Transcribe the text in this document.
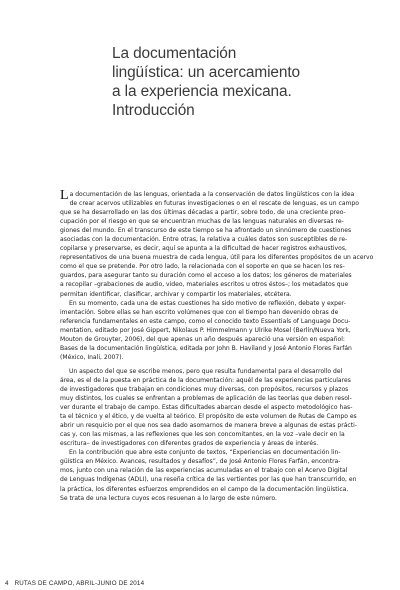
La documentación
lingüística: un acercamiento
a la experiencia mexicana.
Introducción
L a documentación de las lenguas, orientada a la conservación de datos lingüísticos con la idea
de crear acervos utilizables en futuras investigaciones o en el rescate de lenguas, es un campo
que se ha desarrollado en las dos últimas décadas a partir, sobre todo, de una creciente preo-
cupación por el riesgo en que se encuentran muchas de las lenguas naturales en diversas re-
giones del mundo. En el transcurso de este tiempo se ha afrontado un sinnúmero de cuestiones
asociadas con la documentación. Entre otras, la relativa a cuáles datos son susceptibles de re-
copilarse y preservarse, es decir, aquí se apunta a la dificultad de hacer registros exhaustivos,
representativos de una buena muestra de cada lengua, útil para los diferentes propósitos de un acervo
como el que se pretende. Por otro lado, la relacionada con el soporte en que se hacen los res-
guardos, para asegurar tanto su duración como el acceso a los datos; los géneros de materiales
a recopilar –grabaciones de audio, video, materiales escritos u otros éstos–; los metadatos que
permitan identificar, clasificar, archivar y compartir los materiales, etcétera.
En su momento, cada una de estas cuestiones ha sido motivo de reflexión, debate y exper-
imentación. Sobre ellas se han escrito volúmenes que con el tiempo han devenido obras de
referencia fundamentales en este campo, como el conocido texto Essentials of Language Docu-
mentation, editado por José Gippert, Nikolaus P. Himmelmann y Ulrike Mosel (Berlín/Nueva York,
Mouton de Grouyter, 2006), del que apenas un año después apareció una versión en español:
Bases de la documentación lingüística, editada por John B. Haviland y José Antonio Flores Farfán
(México, Inali, 2007).
Un aspecto del que se escribe menos, pero que resulta fundamental para el desarrollo del
área, es el de la puesta en práctica de la documentación: aquél de las experiencias particulares
de investigadores que trabajan en condiciones muy diversas, con propósitos, recursos y plazos
muy distintos, los cuales se enfrentan a problemas de aplicación de las teorías que deben resol-
ver durante el trabajo de campo. Estas dificultades abarcan desde el aspecto metodológico has-
ta el técnico y el ético, y de vuelta al teórico. El propósito de este volumen de Rutas de Campo es
abrir un resquicio por el que nos sea dado asomarnos de manera breve a algunas de estas prácti-
cas y, con las mismas, a las reflexiones que les son concomitantes, en la voz –vale decir en la
escritura– de investigadores con diferentes grados de experiencia y áreas de interés.
En la contribución que abre este conjunto de textos, “Experiencias en documentación lin-
güística en México. Avances, resultados y desafíos”, de José Antonio Flores Farfán, encontra-
mos, junto con una relación de las experiencias acumuladas en el trabajo con el Acervo Digital
de Lenguas Indígenas (ADLI), una reseña crítica de las vertientes por las que han transcurrido, en
la práctica, los diferentes esfuerzos emprendidos en el campo de la documentación lingüística.
Se trata de una lectura cuyos ecos resuenan a lo largo de este número.
4 RUTAS DE CAMPO, ABRIL-JUNIO DE 2014
